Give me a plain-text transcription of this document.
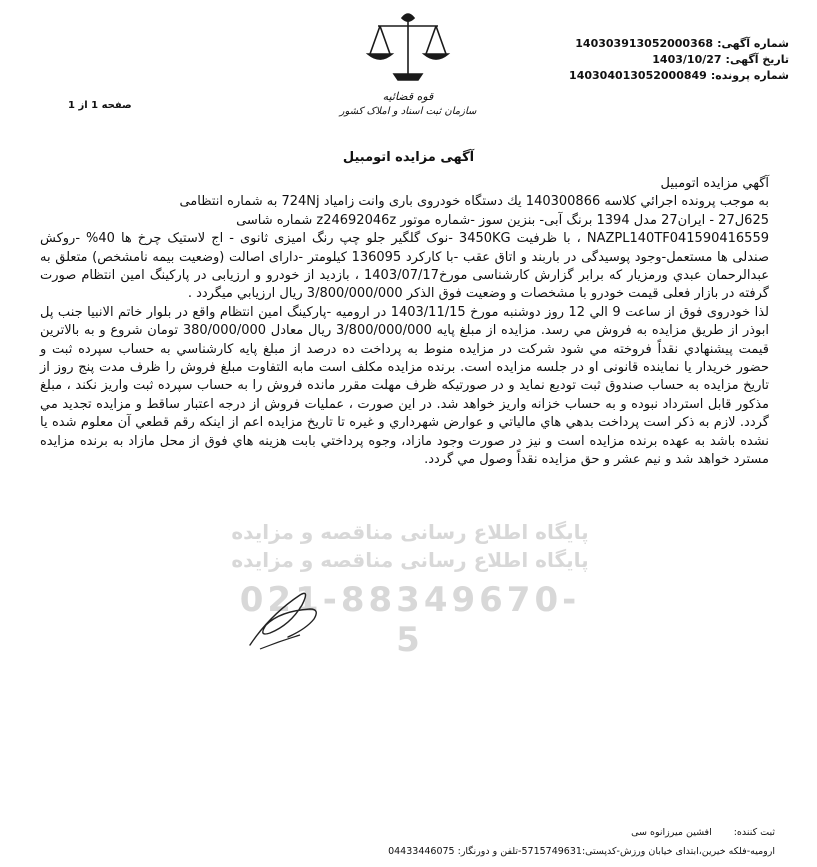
شماره آگهی:
140303913052000368
تاریخ آگهی:
1403/10/27
شماره پرونده:
140304013052000849
قوه قضائیه
سازمان ثبت اسناد و املاک کشور
صفحه 1 از 1
آگهی مزایده اتومبیل
پایگاه اطلاع رسانی مناقصه و مزایده
پایگاه اطلاع رسانی مناقصه و مزایده
021-88349670-5

آگهي مزايده اتومبيل

به موجب پرونده اجرائي كلاسه 140300866 يك دستگاه خودروی باری وانت زامیاد 724Nj به شماره انتظامی

625ل27 - ایران27 مدل 1394 برنگ آبی- بنزین سوز -شماره موتور z24692046z شماره شاسی

NAZPL140TF041590416559 ، با ظرفیت 3450KG -نوک گلگیر جلو چپ رنگ امیزی ثانوی - اج لاستیک چرخ ها 40% -روکش صندلی ها مستعمل-وجود پوسیدگی در باربند و اتاق عقب -با کارکرد 136095 کیلومتر -دارای اصالت (وضعیت بیمه نامشخص) متعلق به عبدالرحمان عبدي ورمزيار كه برابر گزارش كارشناسی مورخ1403/07/17 ، بازديد از خودرو و ارزیابی در پارکینگ امین انتظام صورت گرفته در بازار فعلی قیمت خودرو با مشخصات و وضعیت فوق الذكر 3/800/000/000 ريال ارزيابي ميگردد .

لذا خودروی فوق از ساعت 9 الي 12 روز دوشنبه مورخ 1403/11/15 در ارومیه -پارکینگ امین انتظام واقع در بلوار خاتم الانبیا جنب پل ابوذر از طريق مزايده به فروش مي رسد. مزايده از مبلغ پايه 3/800/000/000 ريال معادل 380/000/000 تومان شروع و به بالاترين قيمت پيشنهادي نقداً فروخته مي شود شركت در مزايده منوط به پرداخت ده درصد از مبلغ پايه كارشناسي به حساب سپرده ثبت و حضور خریدار یا نماینده قانونی او در جلسه مزایده است. برنده مزايده مكلف است مابه التفاوت مبلغ فروش را ظرف مدت پنج روز از تاریخ مزایده به حساب صندوق ثبت توديع نمايد و در صورتيكه ظرف مهلت مقرر مانده فروش را به حساب سپرده ثبت واریز نكند ، مبلغ مذكور قابل استرداد نبوده و به حساب خزانه واريز خواهد شد. در اين صورت ، عمليات فروش از درجه اعتبار ساقط و مزايده تجديد مي گردد. لازم به ذكر است پرداخت بدهي هاي مالیاتي و عوارض شهرداري و غيره تا تاريخ مزايده اعم از اينكه رقم قطعي آن معلوم شده يا نشده باشد به عهده برنده مزايده است و نيز در صورت وجود مازاد، وجوه پرداختي بابت هزينه هاي فوق از محل مازاد به برنده مزايده مسترد خواهد شد و نيم عشر و حق مزايده نقداً وصول مي گردد.

ثبت کننده:
افشین میرزانوه سی
ارومیه-فلکه خیرین،ابتدای خیابان ورزش-کدپستی:5715749631-تلفن و دورنگار: 04433446075
